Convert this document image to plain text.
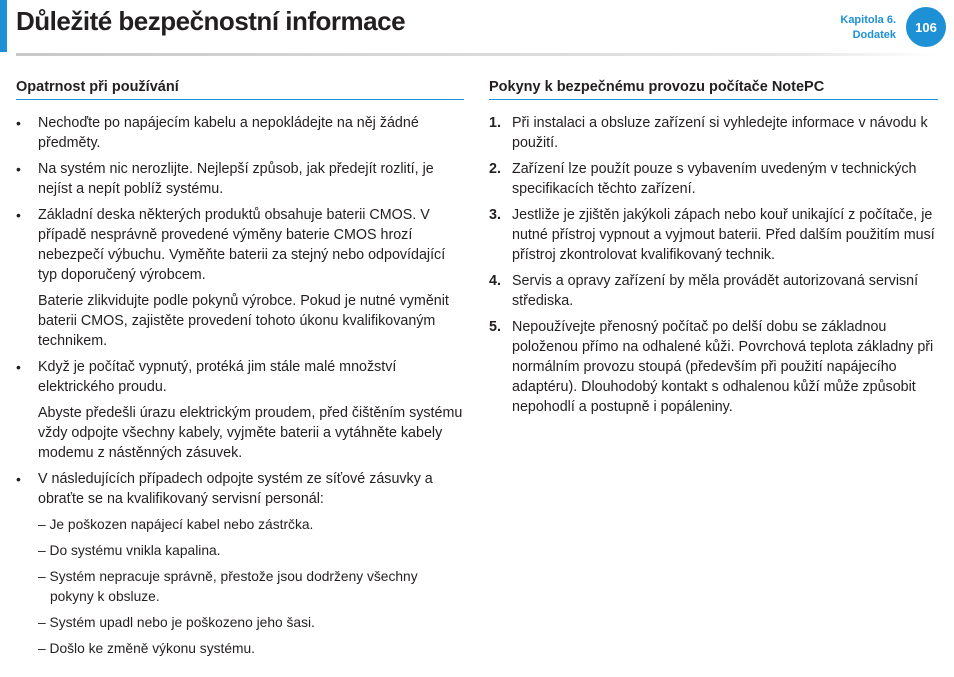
Důležité bezpečnostní informace	Kapitola 6.
Dodatek
106
Opatrnost při používání
• Nechoďte po napájecím kabelu a nepokládejte na něj žádné předměty.

• Na systém nic nerozlijte. Nejlepší způsob, jak předejít rozlití, je nejíst a nepít poblíž systému.

• Základní deska některých produktů obsahuje baterii CMOS. V případě nesprávně provedené výměny baterie CMOS hrozí nebezpečí výbuchu. Vyměňte baterii za stejný nebo odpovídající typ doporučený výrobcem.

Baterie zlikvidujte podle pokynů výrobce. Pokud je nutné vyměnit baterii CMOS, zajistěte provedení tohoto úkonu kvalifikovaným technikem.

• Když je počítač vypnutý, protéká jim stále malé množství elektrického proudu.

Abyste předešli úrazu elektrickým proudem, před čištěním systému vždy odpojte všechny kabely, vyjměte baterii a vytáhněte kabely modemu z nástěnných zásuvek.

• V následujících případech odpojte systém ze síťové zásuvky a obraťte se na kvalifikovaný servisní personál:

– Je poškozen napájecí kabel nebo zástrčka.
– Do systému vnikla kapalina.
– Systém nepracuje správně, přestože jsou dodrženy všechny pokyny k obsluze.
– Systém upadl nebo je poškozeno jeho šasi.
– Došlo ke změně výkonu systému.
Pokyny k bezpečnému provozu počítače NotePC
1. Při instalaci a obsluze zařízení si vyhledejte informace v návodu k použití.
2. Zařízení lze použít pouze s vybavením uvedeným v technických specifikacích těchto zařízení.
3. Jestliže je zjištěn jakýkoli zápach nebo kouř unikající z počítače, je nutné přístroj vypnout a vyjmout baterii. Před dalším použitím musí přístroj zkontrolovat kvalifikovaný technik.
4. Servis a opravy zařízení by měla provádět autorizovaná servisní střediska.
5. Nepoužívejte přenosný počítač po delší dobu se základnou položenou přímo na odhalené kůži. Povrchová teplota základny při normálním provozu stoupá (především při použití napájecího adaptéru). Dlouhodobý kontakt s odhalenou kůží může způsobit nepohodlí a postupně i popáleniny.
